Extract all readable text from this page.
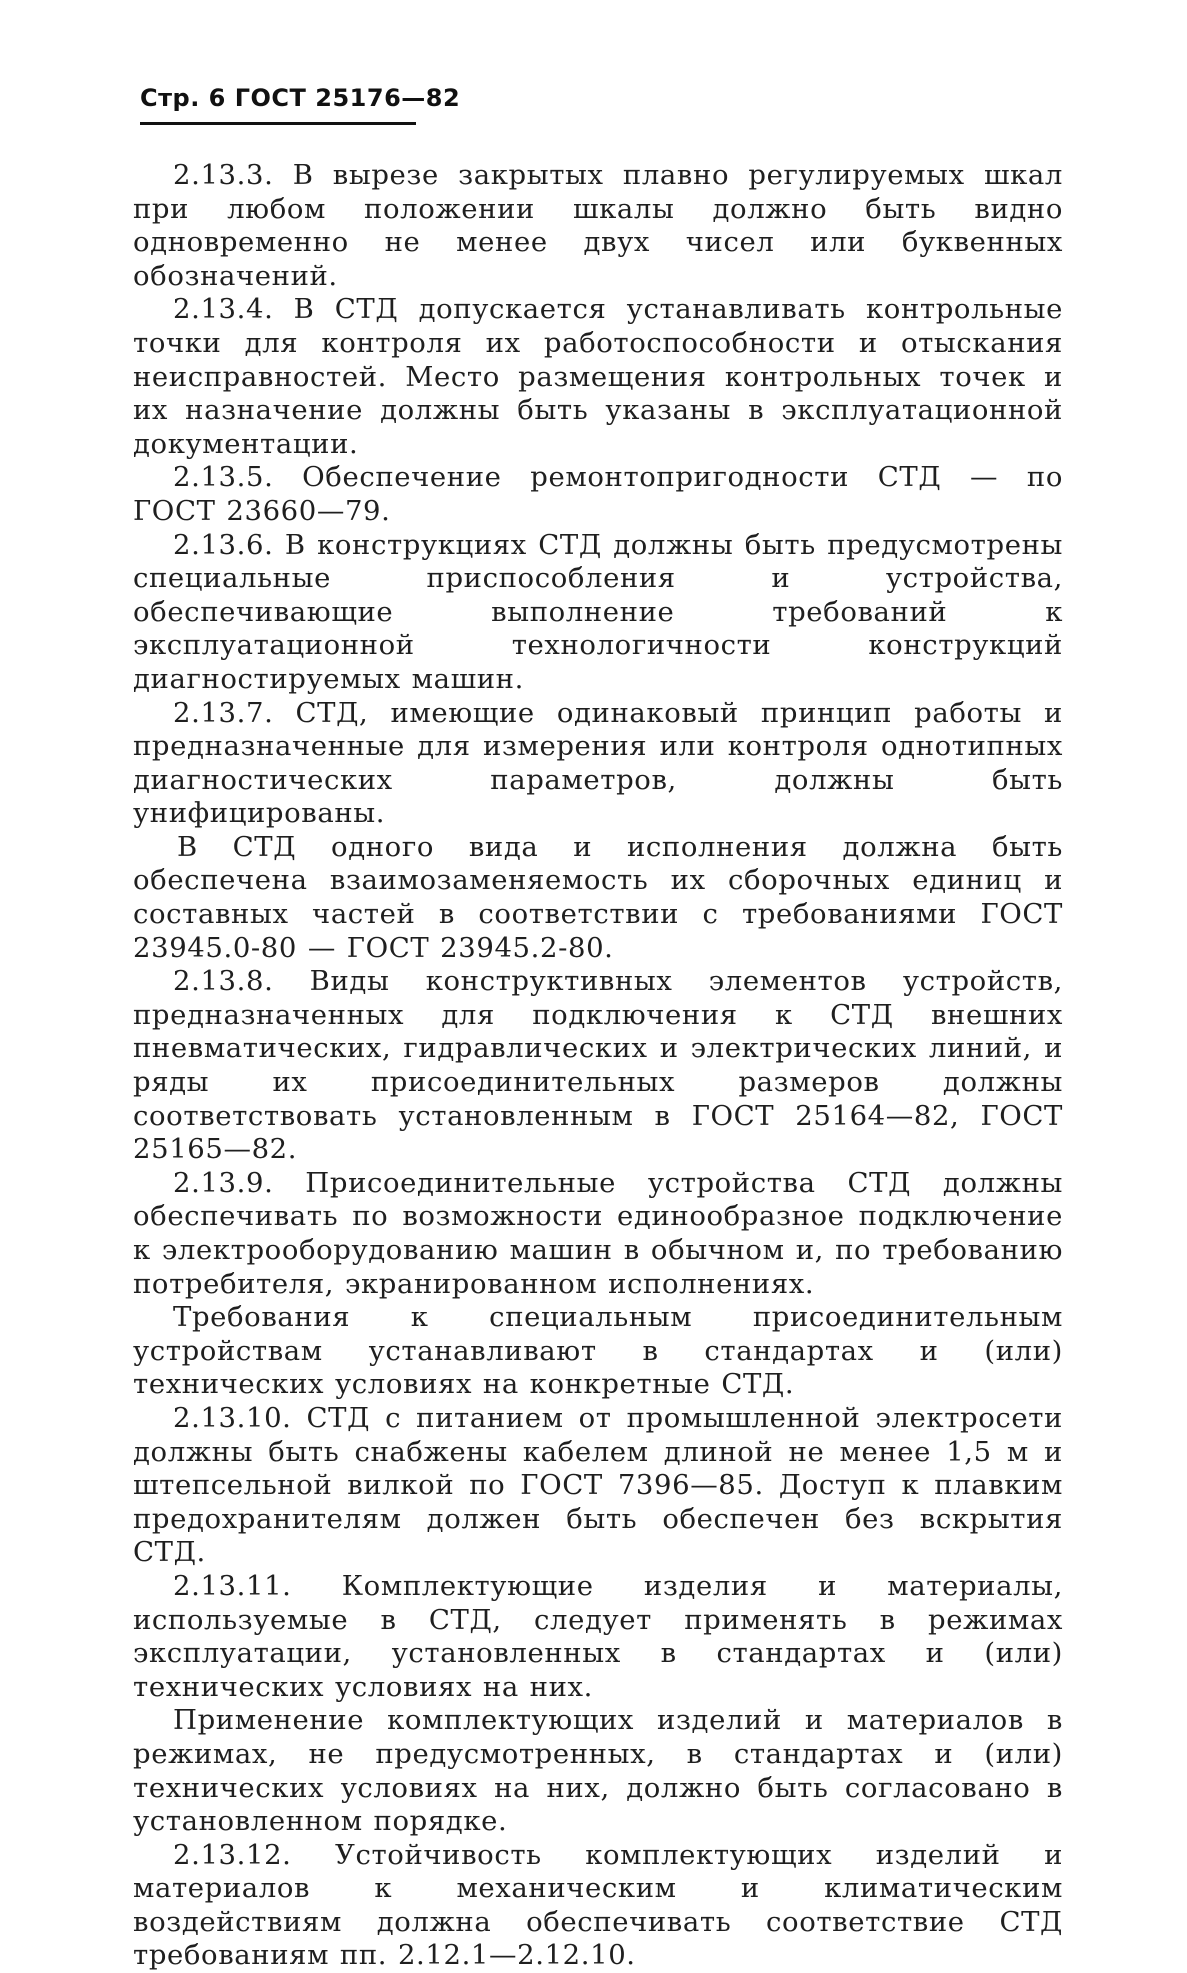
Стр. 6 ГОСТ 25176—82

2.13.3. В вырезе закрытых плавно регулируемых шкал при любом положении шкалы должно быть видно одновременно не менее двух чисел или буквенных обозначений.

2.13.4. В СТД допускается устанавливать контрольные точки для контроля их работоспособности и отыскания неисправностей. Место размещения контрольных точек и их назначение должны быть указаны в эксплуатационной документации.

2.13.5. Обеспечение ремонтопригодности СТД — по ГОСТ 23660—79.

2.13.6. В конструкциях СТД должны быть предусмотрены специальные приспособления и устройства, обеспечивающие выполнение требований к эксплуатационной технологичности конструкций диагностируемых машин.

2.13.7. СТД, имеющие одинаковый принцип работы и предназначенные для измерения или контроля однотипных диагностических параметров, должны быть унифицированы.

В СТД одного вида и исполнения должна быть обеспечена взаимозаменяемость их сборочных единиц и составных частей в соответствии с требованиями ГОСТ 23945.0-80 — ГОСТ 23945.2-80.

2.13.8. Виды конструктивных элементов устройств, предназначенных для подключения к СТД внешних пневматических, гидравлических и электрических линий, и ряды их присоединительных размеров должны соответствовать установленным в ГОСТ 25164—82, ГОСТ 25165—82.

2.13.9. Присоединительные устройства СТД должны обеспечивать по возможности единообразное подключение к электрооборудованию машин в обычном и, по требованию потребителя, экранированном исполнениях.

Требования к специальным присоединительным устройствам устанавливают в стандартах и (или) технических условиях на конкретные СТД.

2.13.10. СТД с питанием от промышленной электросети должны быть снабжены кабелем длиной не менее 1,5 м и штепсельной вилкой по ГОСТ 7396—85. Доступ к плавким предохранителям должен быть обеспечен без вскрытия СТД.

2.13.11. Комплектующие изделия и материалы, используемые в СТД, следует применять в режимах эксплуатации, установленных в стандартах и (или) технических условиях на них.

Применение комплектующих изделий и материалов в режимах, не предусмотренных, в стандартах и (или) технических условиях на них, должно быть согласовано в установленном порядке.

2.13.12. Устойчивость комплектующих изделий и материалов к механическим и климатическим воздействиям должна обеспечивать соответствие СТД требованиям пп. 2.12.1—2.12.10.
